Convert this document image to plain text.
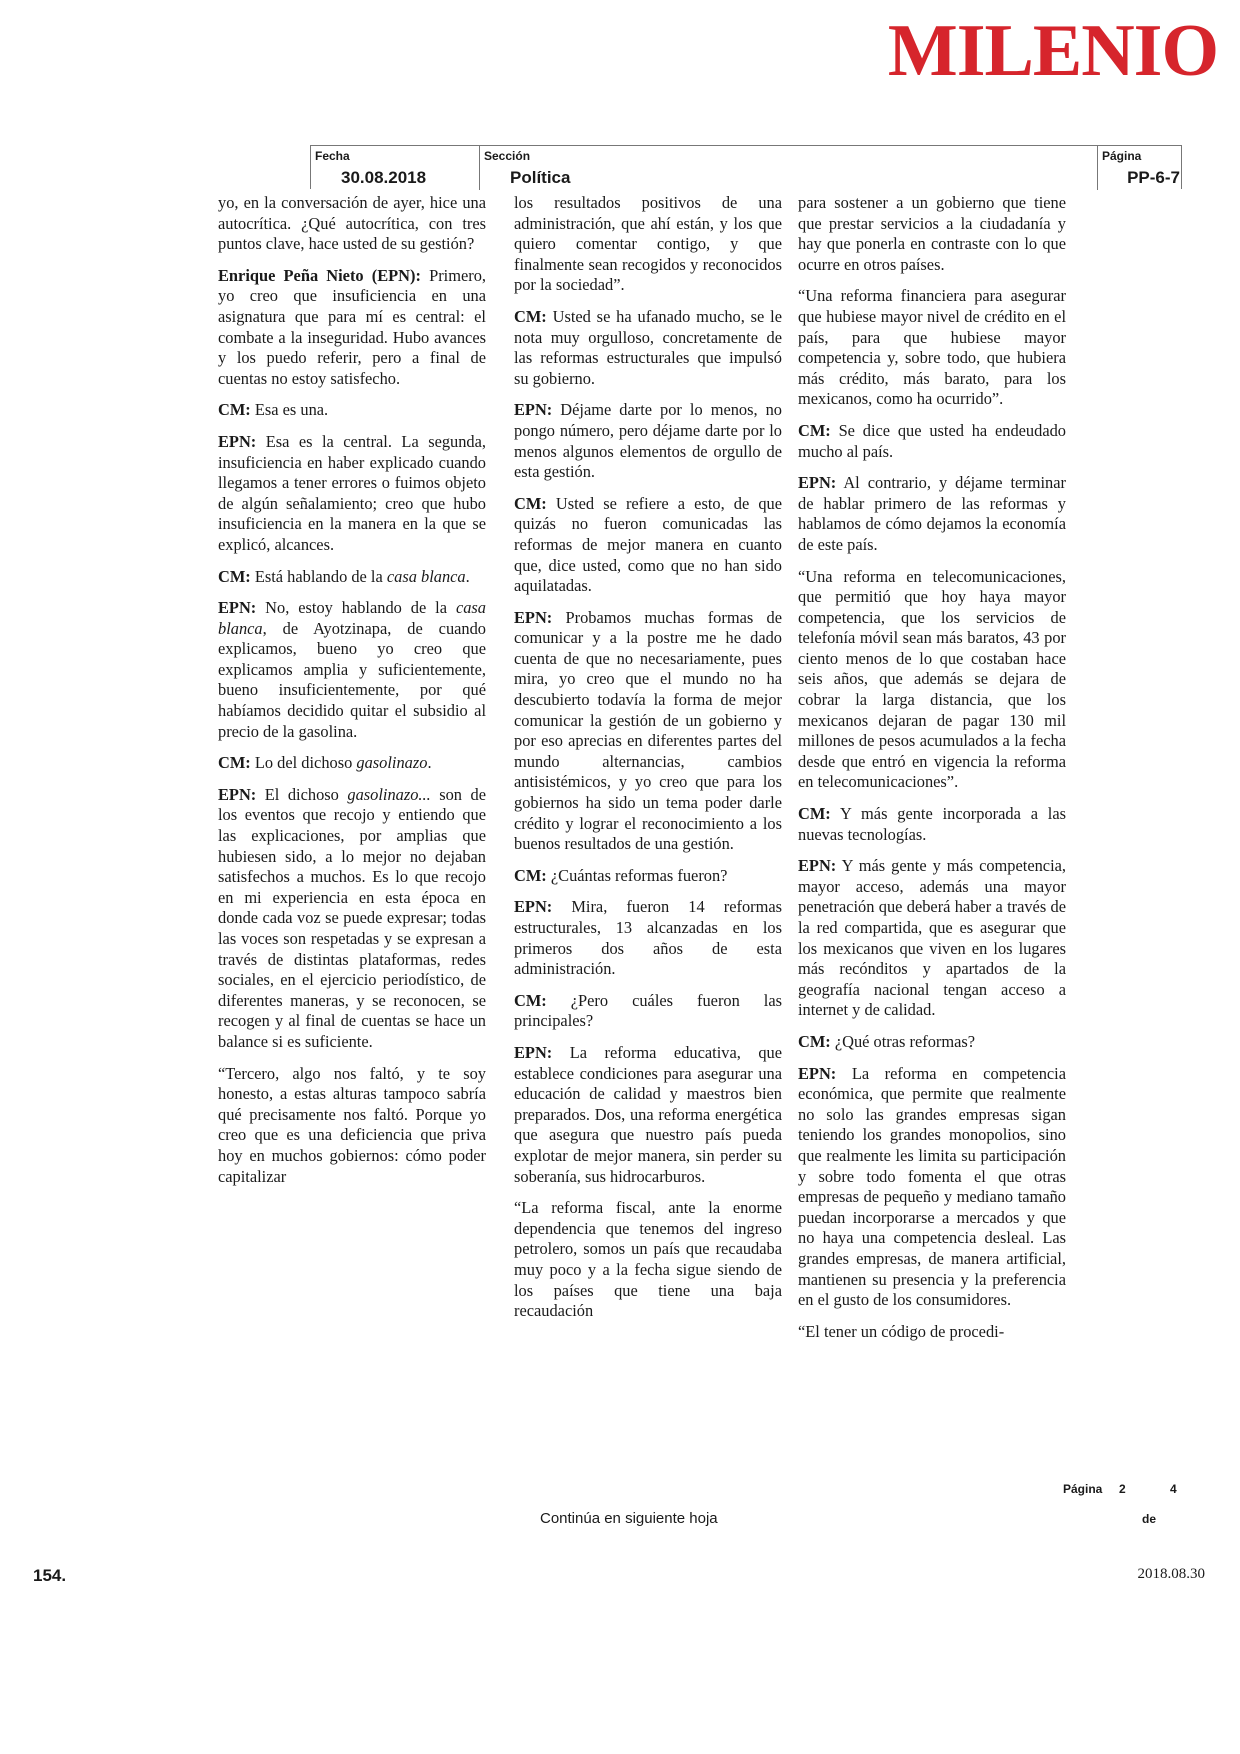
MILENIO
Fecha
30.08.2018
Sección
Política
Página
PP-6-7

yo, en la conversación de ayer, hice una autocrítica. ¿Qué autocrítica, con tres puntos clave, hace usted de su gestión?

Enrique Peña Nieto (EPN): Primero, yo creo que insuficiencia en una asignatura que para mí es central: el combate a la inseguridad. Hubo avances y los puedo referir, pero a final de cuentas no estoy satisfecho.

CM: Esa es una.

EPN: Esa es la central. La segunda, insuficiencia en haber explicado cuando llegamos a tener errores o fuimos objeto de algún señalamiento; creo que hubo insuficiencia en la manera en la que se explicó, alcances.

CM: Está hablando de la casa blanca.

EPN: No, estoy hablando de la casa blanca, de Ayotzinapa, de cuando explicamos, bueno yo creo que explicamos amplia y suficientemente, bueno insuficientemente, por qué habíamos decidido quitar el subsidio al precio de la gasolina.

CM: Lo del dichoso gasolinazo.

EPN: El dichoso gasolinazo... son de los eventos que recojo y entiendo que las explicaciones, por amplias que hubiesen sido, a lo mejor no dejaban satisfechos a muchos. Es lo que recojo en mi experiencia en esta época en donde cada voz se puede expresar; todas las voces son respetadas y se expresan a través de distintas plataformas, redes sociales, en el ejercicio periodístico, de diferentes maneras, y se reconocen, se recogen y al final de cuentas se hace un balance si es suficiente.

“Tercero, algo nos faltó, y te soy honesto, a estas alturas tampoco sabría qué precisamente nos faltó. Porque yo creo que es una deficiencia que priva hoy en muchos gobiernos: cómo poder capitalizar

los resultados positivos de una administración, que ahí están, y los que quiero comentar contigo, y que finalmente sean recogidos y reconocidos por la sociedad”.

CM: Usted se ha ufanado mucho, se le nota muy orgulloso, concretamente de las reformas estructurales que impulsó su gobierno.

EPN: Déjame darte por lo menos, no pongo número, pero déjame darte por lo menos algunos elementos de orgullo de esta gestión.

CM: Usted se refiere a esto, de que quizás no fueron comunicadas las reformas de mejor manera en cuanto que, dice usted, como que no han sido aquilatadas.

EPN: Probamos muchas formas de comunicar y a la postre me he dado cuenta de que no necesariamente, pues mira, yo creo que el mundo no ha descubierto todavía la forma de mejor comunicar la gestión de un gobierno y por eso aprecias en diferentes partes del mundo alternancias, cambios antisistémicos, y yo creo que para los gobiernos ha sido un tema poder darle crédito y lograr el reconocimiento a los buenos resultados de una gestión.

CM: ¿Cuántas reformas fueron?

EPN: Mira, fueron 14 reformas estructurales, 13 alcanzadas en los primeros dos años de esta administración.

CM: ¿Pero cuáles fueron las principales?

EPN: La reforma educativa, que establece condiciones para asegurar una educación de calidad y maestros bien preparados. Dos, una reforma energética que asegura que nuestro país pueda explotar de mejor manera, sin perder su soberanía, sus hidrocarburos.

“La reforma fiscal, ante la enorme dependencia que tenemos del ingreso petrolero, somos un país que recaudaba muy poco y a la fecha sigue siendo de los países que tiene una baja recaudación

para sostener a un gobierno que tiene que prestar servicios a la ciudadanía y hay que ponerla en contraste con lo que ocurre en otros países.

“Una reforma financiera para asegurar que hubiese mayor nivel de crédito en el país, para que hubiese mayor competencia y, sobre todo, que hubiera más crédito, más barato, para los mexicanos, como ha ocurrido”.

CM: Se dice que usted ha endeudado mucho al país.

EPN: Al contrario, y déjame terminar de hablar primero de las reformas y hablamos de cómo dejamos la economía de este país.

“Una reforma en telecomunicaciones, que permitió que hoy haya mayor competencia, que los servicios de telefonía móvil sean más baratos, 43 por ciento menos de lo que costaban hace seis años, que además se dejara de cobrar la larga distancia, que los mexicanos dejaran de pagar 130 mil millones de pesos acumulados a la fecha desde que entró en vigencia la reforma en telecomunicaciones”.

CM: Y más gente incorporada a las nuevas tecnologías.

EPN: Y más gente y más competencia, mayor acceso, además una mayor penetración que deberá haber a través de la red compartida, que es asegurar que los mexicanos que viven en los lugares más recónditos y apartados de la geografía nacional tengan acceso a internet y de calidad.

CM: ¿Qué otras reformas?

EPN: La reforma en competencia económica, que permite que realmente no solo las grandes empresas sigan teniendo los grandes monopolios, sino que realmente les limita su participación y sobre todo fomenta el que otras empresas de pequeño y mediano tamaño puedan incorporarse a mercados y que no haya una competencia desleal. Las grandes empresas, de manera artificial, mantienen su presencia y la preferencia en el gusto de los consumidores.

“El tener un código de procedi-

Continúa en siguiente hoja
Página 2	4
de
154.	2018.08.30
